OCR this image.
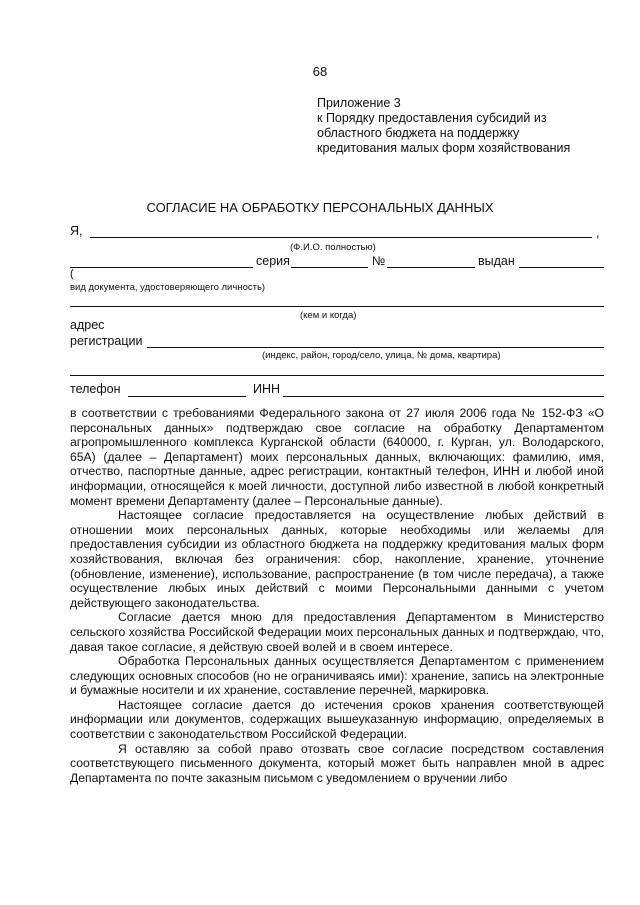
68
Приложение 3
к Порядку предоставления субсидий из
областного бюджета на поддержку
кредитования малых форм хозяйствования
СОГЛАСИЕ НА ОБРАБОТКУ ПЕРСОНАЛЬНЫХ ДАННЫХ
Я,	,
(Ф.И.О. полностью)
серия	№	выдан
(
вид документа, удостоверяющего личность)
(кем и когда)
адрес
регистрации
(индекс, район, город/село, улица, № дома, квартира)
телефон	ИНН

в соответствии с требованиями Федерального закона от 27 июля 2006 года № 152-ФЗ «О персональных данных» подтверждаю свое согласие на обработку Департаментом агропромышленного комплекса Курганской области (640000, г. Курган, ул. Володарского, 65А) (далее – Департамент) моих персональных данных, включающих: фамилию, имя, отчество, паспортные данные, адрес регистрации, контактный телефон, ИНН и любой иной информации, относящейся к моей личности, доступной либо известной в любой конкретный момент времени Департаменту (далее – Персональные данные).

Настоящее согласие предоставляется на осуществление любых действий в отношении моих персональных данных, которые необходимы или желаемы для предоставления субсидии из областного бюджета на поддержку кредитования малых форм хозяйствования, включая без ограничения: сбор, накопление, хранение, уточнение (обновление, изменение), использование, распространение (в том числе передача), а также осуществление любых иных действий с моими Персональными данными с учетом действующего законодательства.

Согласие дается мною для предоставления Департаментом в Министерство сельского хозяйства Российской Федерации моих персональных данных и подтверждаю, что, давая такое согласие, я действую своей волей и в своем интересе.

Обработка Персональных данных осуществляется Департаментом с применением следующих основных способов (но не ограничиваясь ими): хранение, запись на электронные и бумажные носители и их хранение, составление перечней, маркировка.

Настоящее согласие дается до истечения сроков хранения соответствующей информации или документов, содержащих вышеуказанную информацию, определяемых в соответствии с законодательством Российской Федерации.

Я оставляю за собой право отозвать свое согласие посредством составления соответствующего письменного документа, который может быть направлен мной в адрес Департамента по почте заказным письмом с уведомлением о вручении либо
